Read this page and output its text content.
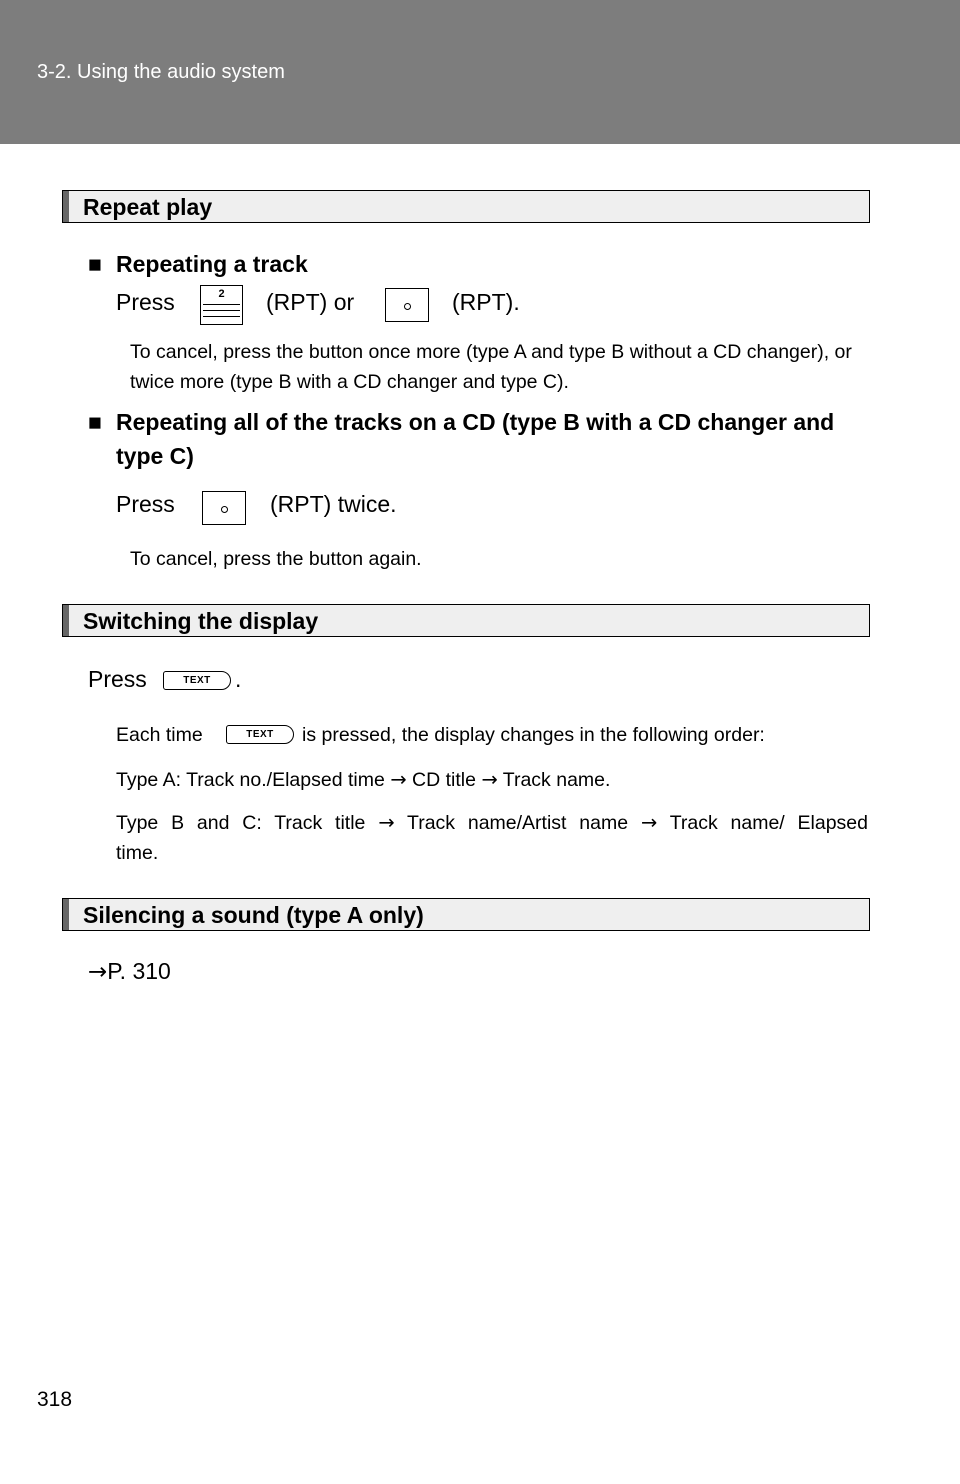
3-2. Using the audio system
Repeat play
■ Repeating a track
Press	2	(RPT) or	(RPT).
To cancel, press the button once more (type A and type B without a CD changer), or twice more (type B with a CD changer and type C).
■ Repeating all of the tracks on a CD (type B with a CD changer and type C)
Press	(RPT) twice.
To cancel, press the button again.
Switching the display
Press	TEXT	.
Each time	TEXT	is pressed, the display changes in the following order:
Type A: Track no./Elapsed time → CD title → Track name.
Type B and C: Track title → Track name/Artist name → Track name/ Elapsed time.
Silencing a sound (type A only)
→P. 310
318
